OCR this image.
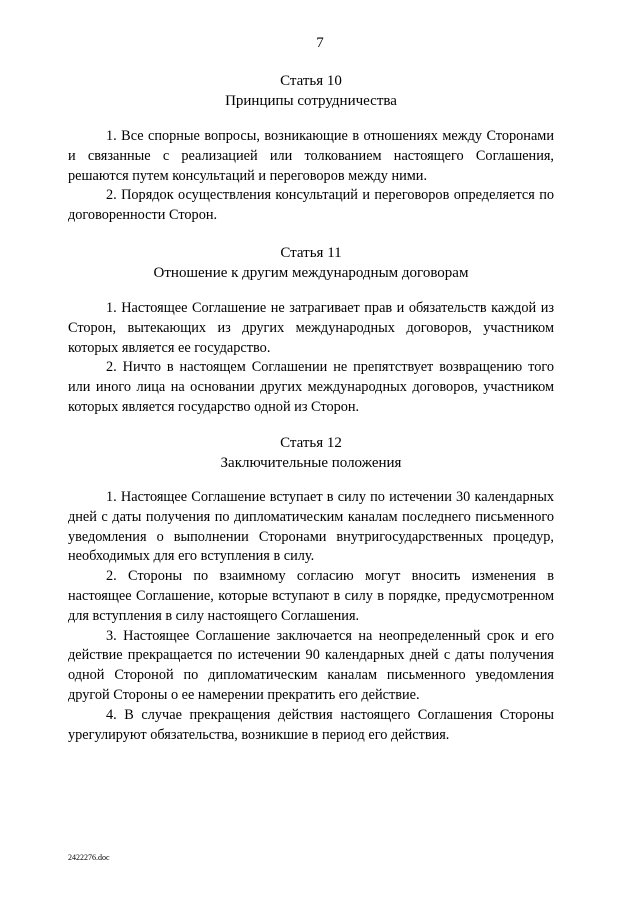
7
Статья 10
Принципы сотрудничества

1. Все спорные вопросы, возникающие в отношениях между Сторонами и связанные с реализацией или толкованием настоящего Соглашения, решаются путем консультаций и переговоров между ними.

2. Порядок осуществления консультаций и переговоров определяется по договоренности Сторон.

Статья 11
Отношение к другим международным договорам

1. Настоящее Соглашение не затрагивает прав и обязательств каждой из Сторон, вытекающих из других международных договоров, участником которых является ее государство.

2. Ничто в настоящем Соглашении не препятствует возвращению того или иного лица на основании других международных договоров, участником которых является государство одной из Сторон.

Статья 12
Заключительные положения

1. Настоящее Соглашение вступает в силу по истечении 30 календарных дней с даты получения по дипломатическим каналам последнего письменного уведомления о выполнении Сторонами внутригосударственных процедур, необходимых для его вступления в силу.

2. Стороны по взаимному согласию могут вносить изменения в настоящее Соглашение, которые вступают в силу в порядке, предусмотренном для вступления в силу настоящего Соглашения.

3. Настоящее Соглашение заключается на неопределенный срок и его действие прекращается по истечении 90 календарных дней с даты получения одной Стороной по дипломатическим каналам письменного уведомления другой Стороны о ее намерении прекратить его действие.

4. В случае прекращения действия настоящего Соглашения Стороны урегулируют обязательства, возникшие в период его действия.

2422276.doc
